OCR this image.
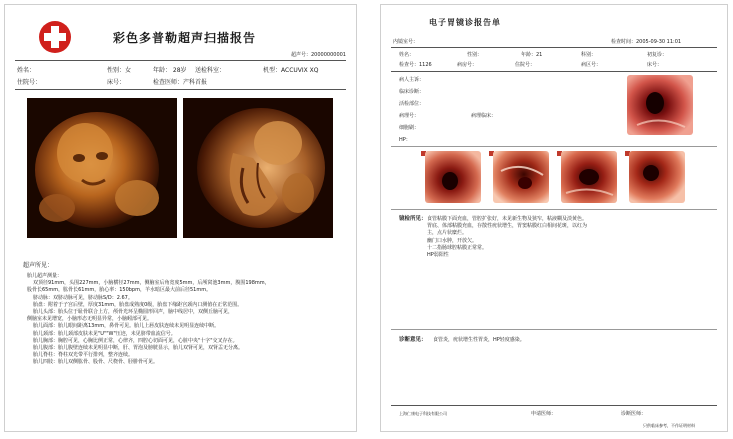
彩色多普勒超声扫描报告
超声号：20000000001
姓名：	性别：女	年龄： 28岁 送检科室：	机型：ACCUVIX XQ
住院号：	床号：	检查医师：产科首报
超声所见：

胎儿超声测量：

双顶径91mm，头围227mm，小脑横径27mm，侧脑室后角宽度5mm，后颅窝池3mm，腹围198mm，

股骨长65mm，肱骨长61mm，胎心率：150bpm，羊水暗区最大前后径51mm。

脐动脉：双脐动脉可见，脐动脉S/D：2.67。

胎盘：附着于子宫后壁，厚度31mm，胎盘成熟度0级，胎盘下缘距宫颈内口测值在正常范围。

胎儿头部：胎头位于耻骨联合上方，颅骨光环呈椭圆形回声，脑中线居中，双侧丘脑可见，

侧脑室未见增宽，小脑形态无明显异常，小脑蚓部可见。

胎儿面部：胎儿眼间距离13mm，鼻骨可见。胎儿上唇皮肤连续未见明显连续中断。

胎儿颈部：胎儿颈部皮肤未见"U""W"压迹，未见脐带血流信号。

胎儿胸部：胸腔可见，心胸比例正常，心律齐，四腔心切面可见，心脏中央"十字"交叉存在。

胎儿腹部：胎儿腹壁连续未见明显中断，肝、胃泡及膀胱显示，胎儿双肾可见，双肾盂无分离。

胎儿脊柱：脊柱双光带平行排列，整齐连续。

胎儿四肢：胎儿双侧肱骨、股骨、尺桡骨、胫腓骨可见。

电子胃镜诊报告单
内镜室号：	检查时间：2005-09-30 11:01
姓名：	性别：	年龄：21	科别：	初复诊：
检查号：1126	病房号：	住院号：	病区号：	床号：
病人主诉：
临床诊断：
活检部位：
病理号：	病理临床：
细胞刷：
HP：
镜检所见： 食管粘膜下面充血，管腔扩张好，未见新生物及狭窄，粘液糊及淡黄色。

胃底、体部粘膜充血，存散性疣状增生，胃窦粘膜红白相间花斑，以红为

主，点片状糜烂。

幽门口水肿，开放欠。

十二指肠球腔粘膜正常常。

HP弱阳性

诊断意见： 食管炎，疣状增生性胃炎，HP轻度感染。
上海仁康电子科技有限公司	申请医师：	诊断医师：
只供临床参考，不作证明材料
